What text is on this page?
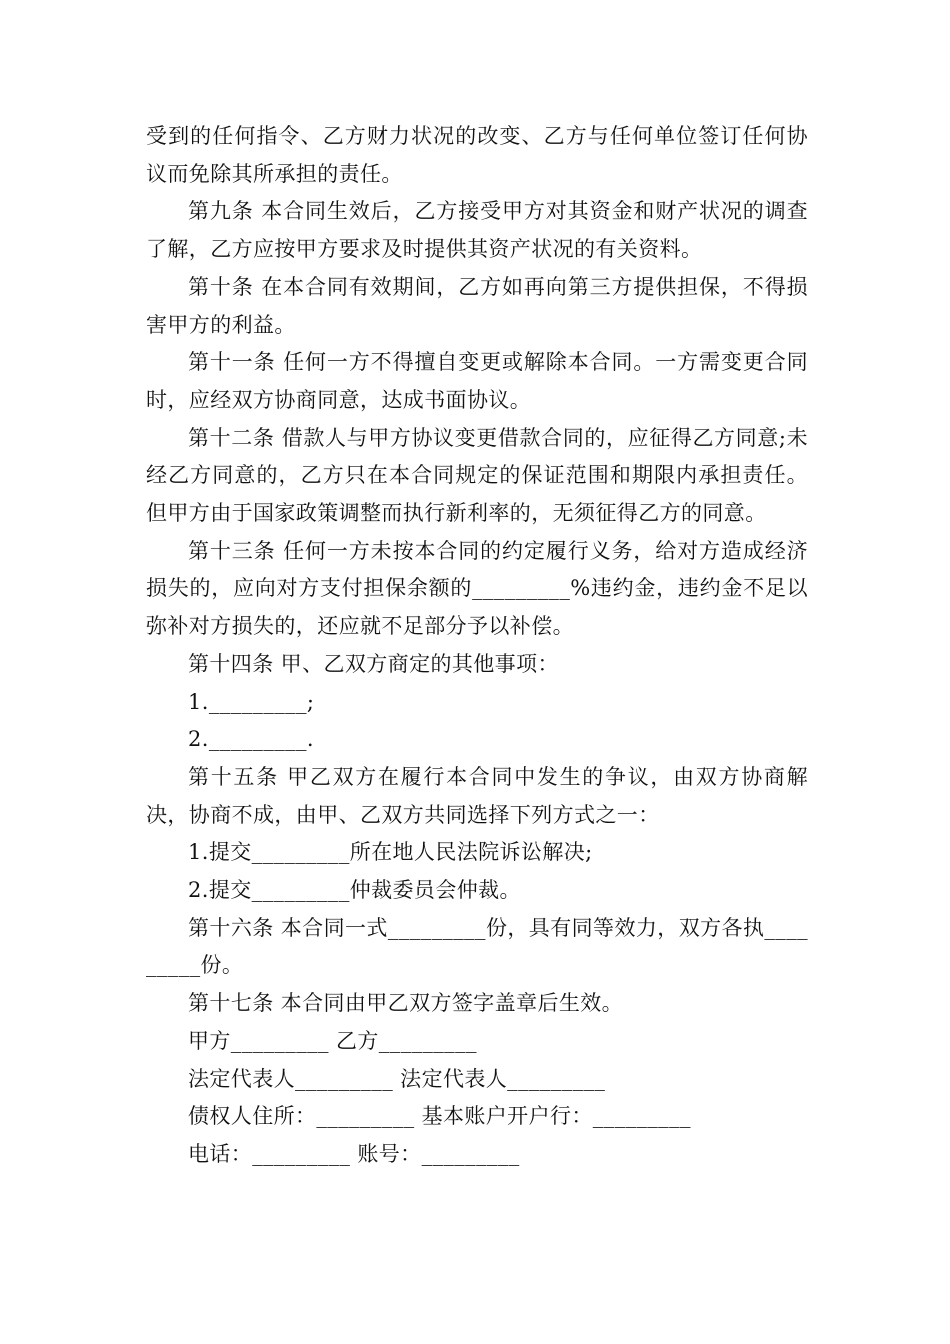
受到的任何指令、乙方财力状况的改变、乙方与任何单位签订任何协议而免除其所承担的责任。

第九条 本合同生效后，乙方接受甲方对其资金和财产状况的调查了解，乙方应按甲方要求及时提供其资产状况的有关资料。

第十条 在本合同有效期间，乙方如再向第三方提供担保，不得损害甲方的利益。

第十一条 任何一方不得擅自变更或解除本合同。一方需变更合同时，应经双方协商同意，达成书面协议。

第十二条 借款人与甲方协议变更借款合同的，应征得乙方同意;未经乙方同意的，乙方只在本合同规定的保证范围和期限内承担责任。但甲方由于国家政策调整而执行新利率的，无须征得乙方的同意。

第十三条 任何一方未按本合同的约定履行义务，给对方造成经济损失的，应向对方支付担保余额的_________%违约金，违约金不足以弥补对方损失的，还应就不足部分予以补偿。

第十四条 甲、乙双方商定的其他事项：

1._________;

2._________.

第十五条 甲乙双方在履行本合同中发生的争议，由双方协商解决，协商不成，由甲、乙双方共同选择下列方式之一：

1.提交_________所在地人民法院诉讼解决;

2.提交_________仲裁委员会仲裁。

第十六条 本合同一式_________份，具有同等效力，双方各执_________份。

第十七条 本合同由甲乙双方签字盖章后生效。

甲方_________ 乙方_________

法定代表人_________ 法定代表人_________

债权人住所：_________ 基本账户开户行：_________

电话：_________ 账号：_________
